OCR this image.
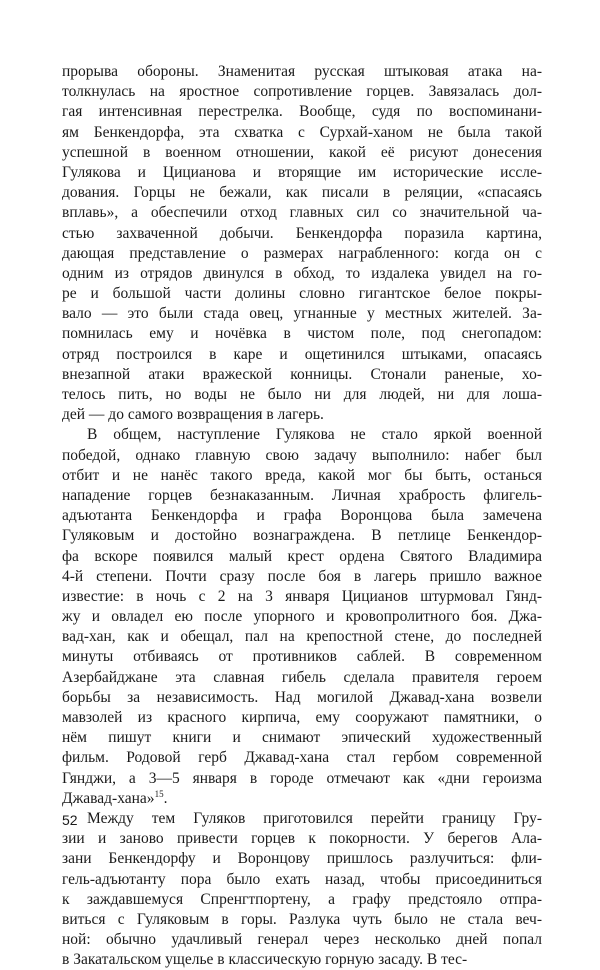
прорыва обороны. Знаменитая русская штыковая атака на-
толкнулась на яростное сопротивление горцев. Завязалась дол-
гая интенсивная перестрелка. Вообще, судя по воспоминани-
ям Бенкендорфа, эта схватка с Сурхай-ханом не была такой
успешной в военном отношении, какой её рисуют донесения
Гулякова и Цицианова и вторящие им исторические иссле-
дования. Горцы не бежали, как писали в реляции, «спасаясь
вплавь», а обеспечили отход главных сил со значительной ча-
стью захваченной добычи. Бенкендорфа поразила картина,
дающая представление о размерах награбленного: когда он с
одним из отрядов двинулся в обход, то издалека увидел на го-
ре и большой части долины словно гигантское белое покры-
вало — это были стада овец, угнанные у местных жителей. За-
помнилась ему и ночёвка в чистом поле, под снегопадом:
отряд построился в каре и ощетинился штыками, опасаясь
внезапной атаки вражеской конницы. Стонали раненые, хо-
телось пить, но воды не было ни для людей, ни для лоша-
дей — до самого возвращения в лагерь.
В общем, наступление Гулякова не стало яркой военной
победой, однако главную свою задачу выполнило: набег был
отбит и не нанёс такого вреда, какой мог бы быть, останься
нападение горцев безнаказанным. Личная храбрость флигель-
адъютанта Бенкендорфа и графа Воронцова была замечена
Гуляковым и достойно вознаграждена. В петлице Бенкендор-
фа вскоре появился малый крест ордена Святого Владимира
4-й степени. Почти сразу после боя в лагерь пришло важное
известие: в ночь с 2 на 3 января Цицианов штурмовал Гянд-
жу и овладел ею после упорного и кровопролитного боя. Джа-
вад-хан, как и обещал, пал на крепостной стене, до последней
минуты отбиваясь от противников саблей. В современном
Азербайджане эта славная гибель сделала правителя героем
борьбы за независимость. Над могилой Джавад-хана возвели
мавзолей из красного кирпича, ему сооружают памятники, о
нём пишут книги и снимают эпический художественный
фильм. Родовой герб Джавад-хана стал гербом современной
Гянджи, а 3—5 января в городе отмечают как «дни героизма
Джавад-хана»$^{15}$.
Между тем Гуляков приготовился перейти границу Гру-
зии и заново привести горцев к покорности. У берегов Ала-
зани Бенкендорфу и Воронцову пришлось разлучиться: фли-
гель-адъютанту пора было ехать назад, чтобы присоединиться
к заждавшемуся Спренгтпортену, а графу предстояло отпра-
виться с Гуляковым в горы. Разлука чуть было не стала веч-
ной: обычно удачливый генерал через несколько дней попал
в Закатальском ущелье в классическую горную засаду. В тес-
52
